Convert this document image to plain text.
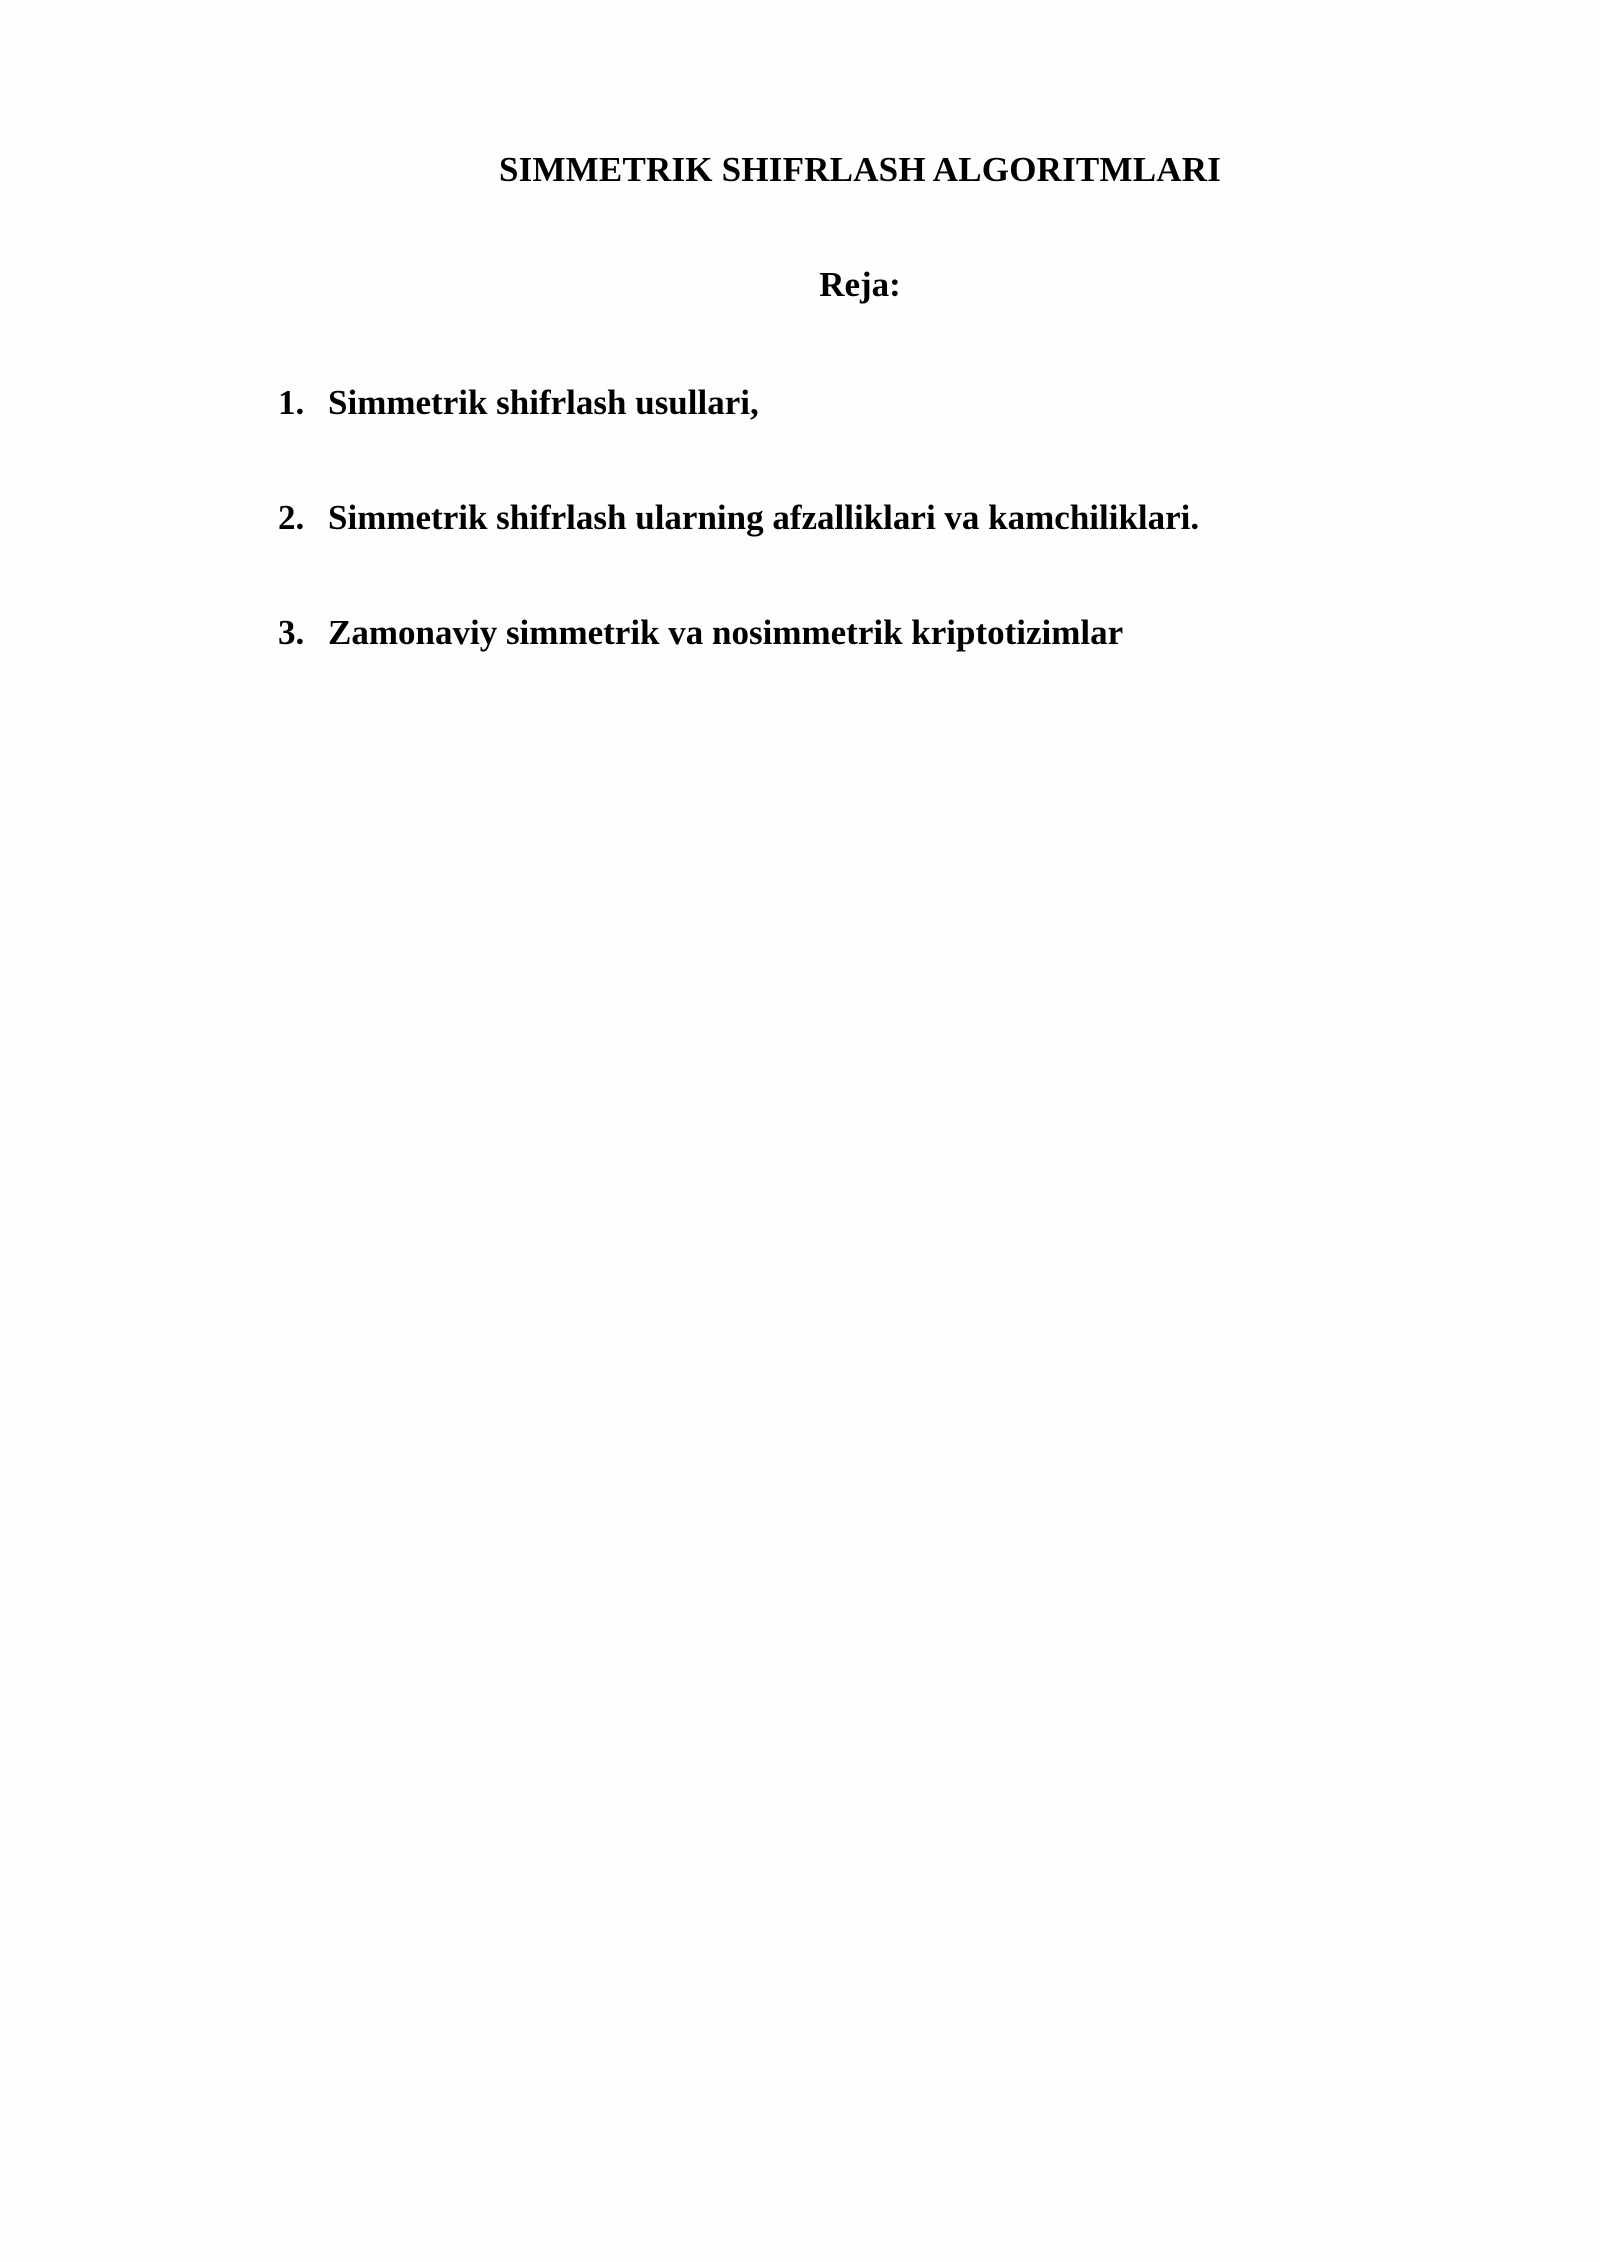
SIMMETRIK SHIFRLASH ALGORITMLARI
Reja:
1. Simmetrik shifrlash usullari,
2. Simmetrik shifrlash ularning afzalliklari va kamchiliklari.
3. Zamonaviy simmetrik va nosimmetrik kriptotizimlar
